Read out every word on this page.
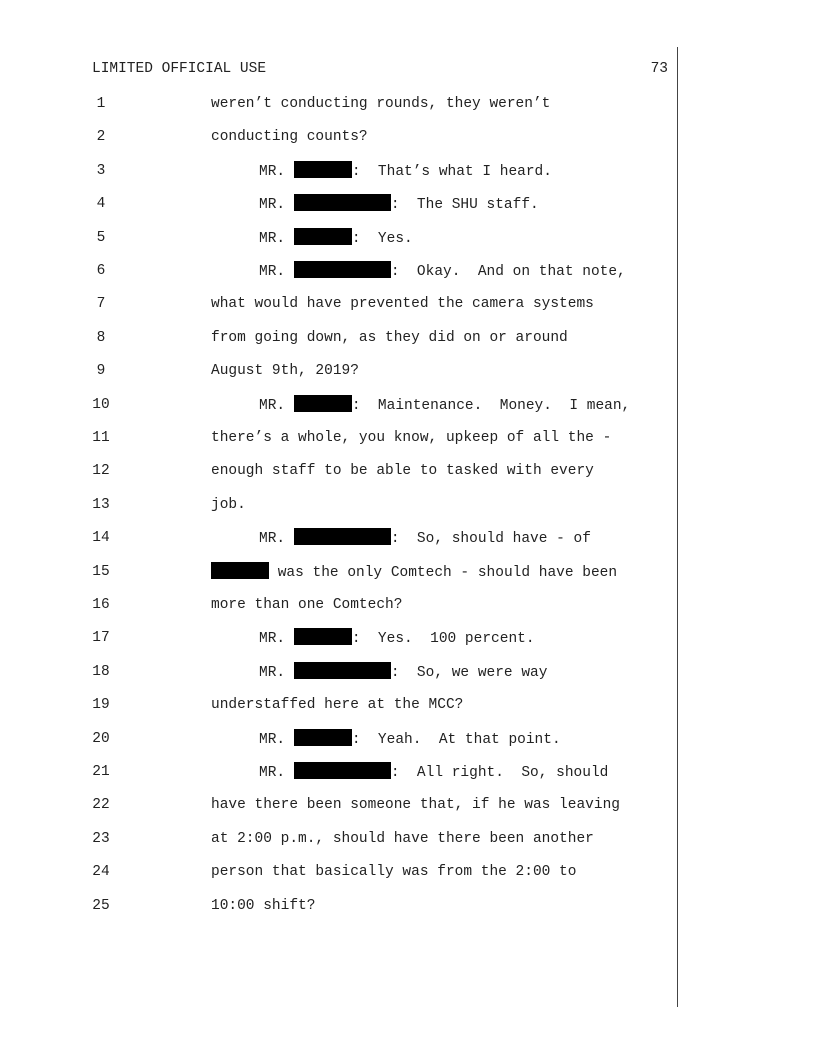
LIMITED OFFICIAL USE	73
1	weren’t conducting rounds, they weren’t
2	conducting counts?
3	MR.	:  That’s what I heard.
4	MR.	:  The SHU staff.
5	MR.	:  Yes.
6	MR.	:  Okay.  And on that note,
7	what would have prevented the camera systems
8	from going down, as they did on or around
9	August 9th, 2019?
10	MR.	:  Maintenance.  Money.  I mean,
11	there’s a whole, you know, upkeep of all the -
12	enough staff to be able to tasked with every
13	job.
14	MR.	:  So, should have - of
15	was the only Comtech - should have been
16	more than one Comtech?
17	MR.	:  Yes.  100 percent.
18	MR.	:  So, we were way
19	understaffed here at the MCC?
20	MR.	:  Yeah.  At that point.
21	MR.	:  All right.  So, should
22	have there been someone that, if he was leaving
23	at 2:00 p.m., should have there been another
24	person that basically was from the 2:00 to
25	10:00 shift?
